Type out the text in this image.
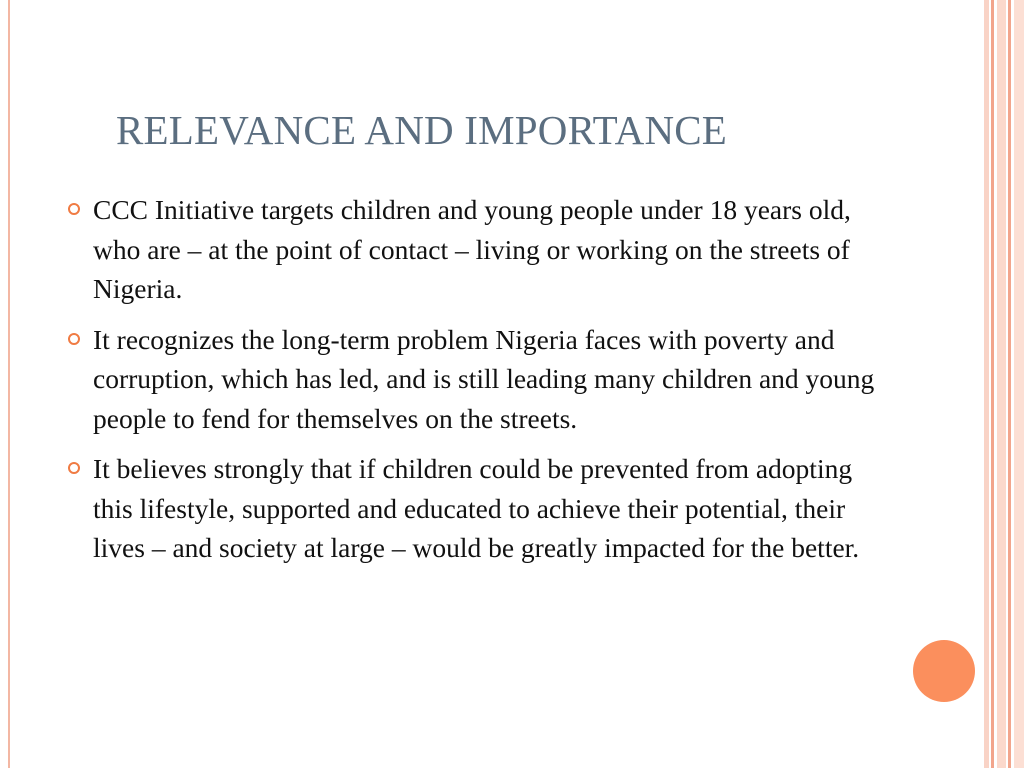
RELEVANCE AND IMPORTANCE
CCC Initiative targets children and young people under 18 years old, who are – at the point of contact – living or working on the streets of Nigeria.
It recognizes the long-term problem Nigeria faces with poverty and corruption, which has led, and is still leading many children and young people to fend for themselves on the streets.
It believes strongly that if children could be prevented from adopting this lifestyle, supported and educated to achieve their potential, their lives – and society at large – would be greatly impacted for the better.
